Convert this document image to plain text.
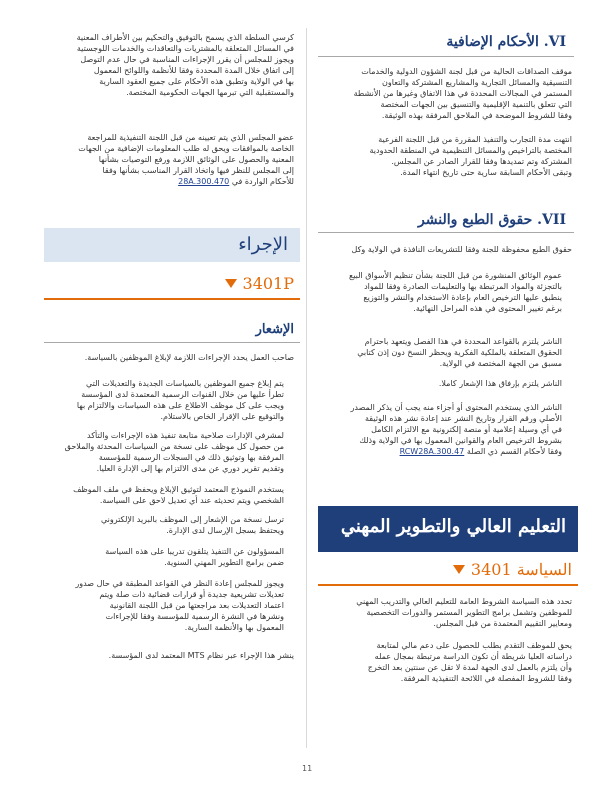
VI. الأحكام الإضافية
ﻣﻮﻗﻒ ﺍﻟﺼﺪﺍﻗﺎﺕ ﺍﻟﺤﺎﻟﻴﺔ ﻣﻦ ﻗﺒﻞ ﻟﺠﻨﺔ ﺍﻟﺸﺆﻭﻥ ﺍﻟﺪﻭﻟﻴﺔ ﻭﺍﻟﺨﺪﻣﺎﺕ
ﺍﻟﺘﻨﺴﻴﻘﻴﺔ ﻭﺍﻟﻤﺴﺎﺋﻞ ﺍﻟﺘﺠﺎﺭﻳﺔ ﻭﺍﻟﻤﺸﺎﺭﻳﻊ ﺍﻟﻤﺸﺘﺮﻛﺔ ﻭﺍﻟﺘﻌﺎﻭﻥ
ﺍﻟﻤﺴﺘﻤﺮ ﻓﻲ ﺍﻟﻤﺠﺎﻻﺕ ﺍﻟﻤﺤﺪﺩﺓ ﻓﻲ ﻫﺬﺍ ﺍﻻﺗﻔﺎﻕ ﻭﻏﻴﺮﻫﺎ ﻣﻦ ﺍﻷﻧﺸﻄﺔ
ﺍﻟﺘﻲ ﺗﺘﻌﻠﻖ ﺑﺎﻟﺘﻨﻤﻴﺔ ﺍﻹﻗﻠﻴﻤﻴﺔ ﻭﺍﻟﺘﻨﺴﻴﻖ ﺑﻴﻦ ﺍﻟﺠﻬﺎﺕ ﺍﻟﻤﺨﺘﺼﺔ
ﻭﻓﻘﺎ ﻟﻠﺸﺮﻭﻁ ﺍﻟﻤﻮﺿﺤﺔ ﻓﻲ ﺍﻟﻤﻼﺣﻖ ﺍﻟﻤﺮﻓﻘﺔ ﺑﻬﺬﻩ ﺍﻟﻮﺛﻴﻘﺔ.
ﺍﻧﺘﻬﺖ ﻣﺪﺓ ﺍﻟﺘﺠﺎﺭﺏ ﻭﺍﻟﺘﻨﻔﻴﺬ ﺍﻟﻤﻘﺮﺭﺓ ﻣﻦ ﻗﺒﻞ ﺍﻟﻠﺠﻨﺔ ﺍﻟﻔﺮﻋﻴﺔ
ﺍﻟﻤﺨﺘﺼﺔ ﺑﺎﻟﺘﺮﺍﺧﻴﺺ ﻭﺍﻟﻤﺴﺎﺋﻞ ﺍﻟﺘﻨﻈﻴﻤﻴﺔ ﻓﻲ ﺍﻟﻤﻨﻄﻘﺔ ﺍﻟﺤﺪﻭﺩﻳﺔ
ﺍﻟﻤﺸﺘﺮﻛﺔ ﻭﺗﻢ ﺗﻤﺪﻳﺪﻫﺎ ﻭﻓﻘﺎ ﻟﻠﻘﺮﺍﺭ ﺍﻟﺼﺎﺩﺭ ﻋﻦ ﺍﻟﻤﺠﻠﺲ.
ﻭﺗﺒﻘﻰ ﺍﻷﺣﻜﺎﻡ ﺍﻟﺴﺎﺑﻘﺔ ﺳﺎﺭﻳﺔ ﺣﺘﻰ ﺗﺎﺭﻳﺦ ﺍﻧﺘﻬﺎﺀ ﺍﻟﻤﺪﺓ.
VII. حقوق الطبع والنشر
ﺣﻘﻮﻕ ﺍﻟﻄﺒﻊ ﻣﺤﻔﻮﻇﺔ ﻟﻠﺠﻨﺔ ﻭﻓﻘﺎ ﻟﻠﺘﺸﺮﻳﻌﺎﺕ ﺍﻟﻨﺎﻓﺬﺓ ﻓﻲ ﺍﻟﻮﻻﻳﺔ ﻭﻛﻞ
ﻋﻤﻮﻡ ﺍﻟﻮﺛﺎﺋﻖ ﺍﻟﻤﻨﺸﻮﺭﺓ ﻣﻦ ﻗﺒﻞ ﺍﻟﻠﺠﻨﺔ ﺑﺸﺄﻥ ﺗﻨﻈﻴﻢ ﺍﻷﺳﻮﺍﻕ ﺍﻟﺒﻴﻊ
ﺑﺎﻟﺘﺠﺰﺋﺔ ﻭﺍﻟﻤﻮﺍﺩ ﺍﻟﻤﺮﺗﺒﻄﺔ ﺑﻬﺎ ﻭﺍﻟﺘﻌﻠﻴﻤﺎﺕ ﺍﻟﺼﺎﺩﺭﺓ ﻭﻓﻘﺎ ﻟﻠﻤﻮﺍﺩ
ﻳﻨﻄﺒﻖ ﻋﻠﻴﻬﺎ ﺍﻟﺘﺮﺧﻴﺺ ﺍﻟﻌﺎﻡ ﺑﺈﻋﺎﺩﺓ ﺍﻻﺳﺘﺨﺪﺍﻡ ﻭﺍﻟﻨﺸﺮ ﻭﺍﻟﺘﻮﺯﻳﻊ
ﺑﺮﻏﻢ ﺗﻐﻴﻴﺮ ﺍﻟﻤﺤﺘﻮﻯ ﻓﻲ ﻫﺬﻩ ﺍﻟﻤﺮﺍﺣﻞ ﺍﻟﻨﻬﺎﺋﻴﺔ.
ﺍﻟﻨﺎﺷﺮ ﻳﻠﺘﺰﻡ ﺑﺎﻟﻘﻮﺍﻋﺪ ﺍﻟﻤﺤﺪﺩﺓ ﻓﻲ ﻫﺬﺍ ﺍﻟﻔﺼﻞ ﻭﻳﺘﻌﻬﺪ ﺑﺎﺣﺘﺮﺍﻡ
ﺍﻟﺤﻘﻮﻕ ﺍﻟﻤﺘﻌﻠﻘﺔ ﺑﺎﻟﻤﻠﻜﻴﺔ ﺍﻟﻔﻜﺮﻳﺔ ﻭﻳﺤﻈﺮ ﺍﻟﻨﺴﺦ ﺩﻭﻥ ﺇﺫﻥ ﻛﺘﺎﺑﻲ
ﻣﺴﺒﻖ ﻣﻦ ﺍﻟﺠﻬﺔ ﺍﻟﻤﺨﺘﺼﺔ ﻓﻲ ﺍﻟﻮﻻﻳﺔ.
ﺍﻟﻨﺎﺷﺮ ﻳﻠﺘﺰﻡ ﺑﺈﺭﻓﺎﻕ ﻫﺬﺍ ﺍﻹﺷﻌﺎﺭ ﻛﺎﻣﻼ.
ﺍﻟﻨﺎﺷﺮ ﺍﻟﺬﻱ ﻳﺴﺘﺨﺪﻡ ﺍﻟﻤﺤﺘﻮﻯ ﺃﻭ ﺃﺟﺰﺍﺀ ﻣﻨﻪ ﻳﺠﺐ ﺃﻥ ﻳﺬﻛﺮ ﺍﻟﻤﺼﺪﺭ
ﺍﻷﺻﻠﻲ ﻭﺭﻗﻢ ﺍﻟﻘﺮﺍﺭ ﻭﺗﺎﺭﻳﺦ ﺍﻟﻨﺸﺮ ﻋﻨﺪ ﺇﻋﺎﺩﺓ ﻧﺸﺮ ﻫﺬﻩ ﺍﻟﻮﺛﻴﻘﺔ
ﻓﻲ ﺃﻱ ﻭﺳﻴﻠﺔ ﺇﻋﻼﻣﻴﺔ ﺃﻭ ﻣﻨﺼﺔ ﺇﻟﻜﺘﺮﻭﻧﻴﺔ ﻣﻊ ﺍﻻﻟﺘﺰﺍﻡ ﺍﻟﻜﺎﻣﻞ
ﺑﺸﺮﻭﻁ ﺍﻟﺘﺮﺧﻴﺺ ﺍﻟﻌﺎﻡ ﻭﺍﻟﻘﻮﺍﻧﻴﻦ ﺍﻟﻤﻌﻤﻮﻝ ﺑﻬﺎ ﻓﻲ ﺍﻟﻮﻻﻳﺔ ﻭﺫﻟﻚ
ﻭﻓﻘﺎ ﻷﺣﻜﺎﻡ ﺍﻟﻘﺴﻢ ﺫﻱ ﺍﻟﺼﻠﺔ RCW28A.300.47
التعليم العالي والتطوير المهني
السياسة 3401
ﺗﺤﺪﺩ ﻫﺬﻩ ﺍﻟﺴﻴﺎﺳﺔ ﺍﻟﺸﺮﻭﻁ ﺍﻟﻌﺎﻣﺔ ﻟﻠﺘﻌﻠﻴﻢ ﺍﻟﻌﺎﻟﻲ ﻭﺍﻟﺘﺪﺭﻳﺐ ﺍﻟﻤﻬﻨﻲ
ﻟﻠﻤﻮﻇﻔﻴﻦ ﻭﺗﺸﻤﻞ ﺑﺮﺍﻣﺞ ﺍﻟﺘﻄﻮﻳﺮ ﺍﻟﻤﺴﺘﻤﺮ ﻭﺍﻟﺪﻭﺭﺍﺕ ﺍﻟﺘﺨﺼﺼﻴﺔ
ﻭﻣﻌﺎﻳﻴﺮ ﺍﻟﺘﻘﻴﻴﻢ ﺍﻟﻤﻌﺘﻤﺪﺓ ﻣﻦ ﻗﺒﻞ ﺍﻟﻤﺠﻠﺲ.
ﻳﺤﻖ ﻟﻠﻤﻮﻇﻒ ﺍﻟﺘﻘﺪﻡ ﺑﻄﻠﺐ ﻟﻠﺤﺼﻮﻝ ﻋﻠﻰ ﺩﻋﻢ ﻣﺎﻟﻲ ﻟﻤﺘﺎﺑﻌﺔ
ﺩﺭﺍﺳﺎﺗﻪ ﺍﻟﻌﻠﻴﺎ ﺷﺮﻳﻄﺔ ﺃﻥ ﺗﻜﻮﻥ ﺍﻟﺪﺭﺍﺳﺔ ﻣﺮﺗﺒﻄﺔ ﺑﻤﺠﺎﻝ ﻋﻤﻠﻪ
ﻭﺃﻥ ﻳﻠﺘﺰﻡ ﺑﺎﻟﻌﻤﻞ ﻟﺪﻯ ﺍﻟﺠﻬﺔ ﻟﻤﺪﺓ ﻻ ﺗﻘﻞ ﻋﻦ ﺳﻨﺘﻴﻦ ﺑﻌﺪ ﺍﻟﺘﺨﺮﺝ
ﻭﻓﻘﺎ ﻟﻠﺸﺮﻭﻁ ﺍﻟﻤﻔﺼﻠﺔ ﻓﻲ ﺍﻟﻼﺋﺤﺔ ﺍﻟﺘﻨﻔﻴﺬﻳﺔ ﺍﻟﻤﺮﻓﻘﺔ.
ﻛﺮﺳﻲ ﺍﻟﺴﻠﻄﺔ ﺍﻟﺬﻱ ﻳﺴﻤﺢ ﺑﺎﻟﺘﻮﻓﻴﻖ ﻭﺍﻟﺘﺤﻜﻴﻢ ﺑﻴﻦ ﺍﻷﻃﺮﺍﻑ ﺍﻟﻤﻌﻨﻴﺔ
ﻓﻲ ﺍﻟﻤﺴﺎﺋﻞ ﺍﻟﻤﺘﻌﻠﻘﺔ ﺑﺎﻟﻤﺸﺘﺮﻳﺎﺕ ﻭﺍﻟﺘﻌﺎﻗﺪﺍﺕ ﻭﺍﻟﺨﺪﻣﺎﺕ ﺍﻟﻠﻮﺟﺴﺘﻴﺔ
ﻭﻳﺠﻮﺯ ﻟﻠﻤﺠﻠﺲ ﺃﻥ ﻳﻘﺮﺭ ﺍﻹﺟﺮﺍﺀﺍﺕ ﺍﻟﻤﻨﺎﺳﺒﺔ ﻓﻲ ﺣﺎﻝ ﻋﺪﻡ ﺍﻟﺘﻮﺻﻞ
ﺇﻟﻰ ﺍﺗﻔﺎﻕ ﺧﻼﻝ ﺍﻟﻤﺪﺓ ﺍﻟﻤﺤﺪﺩﺓ ﻭﻓﻘﺎ ﻟﻸﻧﻈﻤﺔ ﻭﺍﻟﻠﻮﺍﺋﺢ ﺍﻟﻤﻌﻤﻮﻝ
ﺑﻬﺎ ﻓﻲ ﺍﻟﻮﻻﻳﺔ ﻭﺗﻄﺒﻖ ﻫﺬﻩ ﺍﻷﺣﻜﺎﻡ ﻋﻠﻰ ﺟﻤﻴﻊ ﺍﻟﻌﻘﻮﺩ ﺍﻟﺴﺎﺭﻳﺔ
ﻭﺍﻟﻤﺴﺘﻘﺒﻠﻴﺔ ﺍﻟﺘﻲ ﺗﺒﺮﻣﻬﺎ ﺍﻟﺠﻬﺎﺕ ﺍﻟﺤﻜﻮﻣﻴﺔ ﺍﻟﻤﺨﺘﺼﺔ.
ﻋﻀﻮ ﺍﻟﻤﺠﻠﺲ ﺍﻟﺬﻱ ﻳﺘﻢ ﺗﻌﻴﻴﻨﻪ ﻣﻦ ﻗﺒﻞ ﺍﻟﻠﺠﻨﺔ ﺍﻟﺘﻨﻔﻴﺬﻳﺔ ﻟﻠﻤﺮﺍﺟﻌﺔ
ﺍﻟﺨﺎﺻﺔ ﺑﺎﻟﻤﻮﺍﻓﻘﺎﺕ ﻭﻳﺤﻖ ﻟﻪ ﻃﻠﺐ ﺍﻟﻤﻌﻠﻮﻣﺎﺕ ﺍﻹﺿﺎﻓﻴﺔ ﻣﻦ ﺍﻟﺠﻬﺎﺕ
ﺍﻟﻤﻌﻨﻴﺔ ﻭﺍﻟﺤﺼﻮﻝ ﻋﻠﻰ ﺍﻟﻮﺛﺎﺋﻖ ﺍﻟﻼﺯﻣﺔ ﻭﺭﻓﻊ ﺍﻟﺘﻮﺻﻴﺎﺕ ﺑﺸﺄﻧﻬﺎ
ﺇﻟﻰ ﺍﻟﻤﺠﻠﺲ ﻟﻠﻨﻈﺮ ﻓﻴﻬﺎ ﻭﺍﺗﺨﺎﺫ ﺍﻟﻘﺮﺍﺭ ﺍﻟﻤﻨﺎﺳﺐ ﺑﺸﺄﻧﻬﺎ ﻭﻓﻘﺎ
ﻟﻸﺣﻜﺎﻡ ﺍﻟﻮﺍﺭﺩﺓ ﻓﻲ 28A.300.470
الإجراء
3401P
الإشعار
ﺻﺎﺣﺐ ﺍﻟﻌﻤﻞ ﻳﺤﺪﺩ ﺍﻹﺟﺮﺍﺀﺍﺕ ﺍﻟﻼﺯﻣﺔ ﻹﺑﻼﻍ ﺍﻟﻤﻮﻇﻔﻴﻦ ﺑﺎﻟﺴﻴﺎﺳﺔ.
ﻳﺘﻢ ﺇﺑﻼﻍ ﺟﻤﻴﻊ ﺍﻟﻤﻮﻇﻔﻴﻦ ﺑﺎﻟﺴﻴﺎﺳﺎﺕ ﺍﻟﺠﺪﻳﺪﺓ ﻭﺍﻟﺘﻌﺪﻳﻼﺕ ﺍﻟﺘﻲ
ﺗﻄﺮﺃ ﻋﻠﻴﻬﺎ ﻣﻦ ﺧﻼﻝ ﺍﻟﻘﻨﻮﺍﺕ ﺍﻟﺮﺳﻤﻴﺔ ﺍﻟﻤﻌﺘﻤﺪﺓ ﻟﺪﻯ ﺍﻟﻤﺆﺳﺴﺔ
ﻭﻳﺠﺐ ﻋﻠﻰ ﻛﻞ ﻣﻮﻇﻒ ﺍﻻﻃﻼﻉ ﻋﻠﻰ ﻫﺬﻩ ﺍﻟﺴﻴﺎﺳﺎﺕ ﻭﺍﻻﻟﺘﺰﺍﻡ ﺑﻬﺎ
ﻭﺍﻟﺘﻮﻗﻴﻊ ﻋﻠﻰ ﺍﻹﻗﺮﺍﺭ ﺍﻟﺨﺎﺹ ﺑﺎﻻﺳﺘﻼﻡ.
ﻟﻤﺸﺮﻓﻲ ﺍﻹﺩﺍﺭﺍﺕ ﺻﻼﺣﻴﺔ ﻣﺘﺎﺑﻌﺔ ﺗﻨﻔﻴﺬ ﻫﺬﻩ ﺍﻹﺟﺮﺍﺀﺍﺕ ﻭﺍﻟﺘﺄﻛﺪ
ﻣﻦ ﺣﺼﻮﻝ ﻛﻞ ﻣﻮﻇﻒ ﻋﻠﻰ ﻧﺴﺨﺔ ﻣﻦ ﺍﻟﺴﻴﺎﺳﺎﺕ ﺍﻟﻤﺤﺪﺛﺔ ﻭﺍﻟﻤﻼﺣﻖ
ﺍﻟﻤﺮﻓﻘﺔ ﺑﻬﺎ ﻭﺗﻮﺛﻴﻖ ﺫﻟﻚ ﻓﻲ ﺍﻟﺴﺠﻼﺕ ﺍﻟﺮﺳﻤﻴﺔ ﻟﻠﻤﺆﺳﺴﺔ
ﻭﺗﻘﺪﻳﻢ ﺗﻘﺮﻳﺮ ﺩﻭﺭﻱ ﻋﻦ ﻣﺪﻯ ﺍﻻﻟﺘﺰﺍﻡ ﺑﻬﺎ ﺇﻟﻰ ﺍﻹﺩﺍﺭﺓ ﺍﻟﻌﻠﻴﺎ.
ﻳﺴﺘﺨﺪﻡ ﺍﻟﻨﻤﻮﺫﺝ ﺍﻟﻤﻌﺘﻤﺪ ﻟﺘﻮﺛﻴﻖ ﺍﻹﺑﻼﻍ ﻭﻳﺤﻔﻆ ﻓﻲ ﻣﻠﻒ ﺍﻟﻤﻮﻇﻒ
ﺍﻟﺸﺨﺼﻲ ﻭﻳﺘﻢ ﺗﺤﺪﻳﺜﻪ ﻋﻨﺪ ﺃﻱ ﺗﻌﺪﻳﻞ ﻻﺣﻖ ﻋﻠﻰ ﺍﻟﺴﻴﺎﺳﺔ.
ﺗﺮﺳﻞ ﻧﺴﺨﺔ ﻣﻦ ﺍﻹﺷﻌﺎﺭ ﺇﻟﻰ ﺍﻟﻤﻮﻇﻒ ﺑﺎﻟﺒﺮﻳﺪ ﺍﻹﻟﻜﺘﺮﻭﻧﻲ
ﻭﻳﺤﺘﻔﻆ ﺑﺴﺠﻞ ﺍﻹﺭﺳﺎﻝ ﻟﺪﻯ ﺍﻹﺩﺍﺭﺓ.
ﺍﻟﻤﺴﺆﻭﻟﻮﻥ ﻋﻦ ﺍﻟﺘﻨﻔﻴﺬ ﻳﺘﻠﻘﻮﻥ ﺗﺪﺭﻳﺒﺎ ﻋﻠﻰ ﻫﺬﻩ ﺍﻟﺴﻴﺎﺳﺔ
ﺿﻤﻦ ﺑﺮﺍﻣﺞ ﺍﻟﺘﻄﻮﻳﺮ ﺍﻟﻤﻬﻨﻲ ﺍﻟﺴﻨﻮﻳﺔ.
ﻭﻳﺠﻮﺯ ﻟﻠﻤﺠﻠﺲ ﺇﻋﺎﺩﺓ ﺍﻟﻨﻈﺮ ﻓﻲ ﺍﻟﻘﻮﺍﻋﺪ ﺍﻟﻤﻄﺒﻘﺔ ﻓﻲ ﺣﺎﻝ ﺻﺪﻭﺭ
ﺗﻌﺪﻳﻼﺕ ﺗﺸﺮﻳﻌﻴﺔ ﺟﺪﻳﺪﺓ ﺃﻭ ﻗﺮﺍﺭﺍﺕ ﻗﻀﺎﺋﻴﺔ ﺫﺍﺕ ﺻﻠﺔ ﻭﻳﺘﻢ
ﺍﻋﺘﻤﺎﺩ ﺍﻟﺘﻌﺪﻳﻼﺕ ﺑﻌﺪ ﻣﺮﺍﺟﻌﺘﻬﺎ ﻣﻦ ﻗﺒﻞ ﺍﻟﻠﺠﻨﺔ ﺍﻟﻘﺎﻧﻮﻧﻴﺔ
ﻭﻧﺸﺮﻫﺎ ﻓﻲ ﺍﻟﻨﺸﺮﺓ ﺍﻟﺮﺳﻤﻴﺔ ﻟﻠﻤﺆﺳﺴﺔ ﻭﻓﻘﺎ ﻟﻺﺟﺮﺍﺀﺍﺕ
ﺍﻟﻤﻌﻤﻮﻝ ﺑﻬﺎ ﻭﺍﻷﻧﻈﻤﺔ ﺍﻟﺴﺎﺭﻳﺔ.
ﻳﻨﺸﺮ ﻫﺬﺍ ﺍﻹﺟﺮﺍﺀ ﻋﺒﺮ ﻧﻈﺎﻡ MTS ﺍﻟﻤﻌﺘﻤﺪ ﻟﺪﻯ ﺍﻟﻤﺆﺳﺴﺔ.
11
